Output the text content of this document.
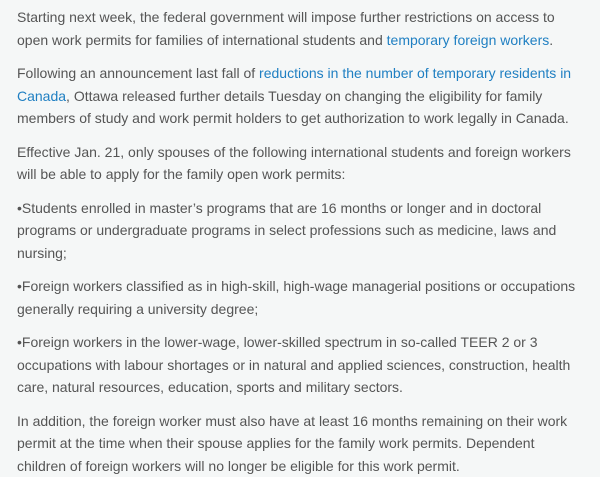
Starting next week, the federal government will impose further restrictions on access to open work permits for families of international students and temporary foreign workers.

Following an announcement last fall of reductions in the number of temporary residents in Canada, Ottawa released further details Tuesday on changing the eligibility for family members of study and work permit holders to get authorization to work legally in Canada.

Effective Jan. 21, only spouses of the following international students and foreign workers will be able to apply for the family open work permits:

•Students enrolled in master’s programs that are 16 months or longer and in doctoral programs or undergraduate programs in select professions such as medicine, laws and nursing;

•Foreign workers classified as in high-skill, high-wage managerial positions or occupations generally requiring a university degree;

•Foreign workers in the lower-wage, lower-skilled spectrum in so-called TEER 2 or 3 occupations with labour shortages or in natural and applied sciences, construction, health care, natural resources, education, sports and military sectors.

In addition, the foreign worker must also have at least 16 months remaining on their work permit at the time when their spouse applies for the family work permits. Dependent children of foreign workers will no longer be eligible for this work permit.
